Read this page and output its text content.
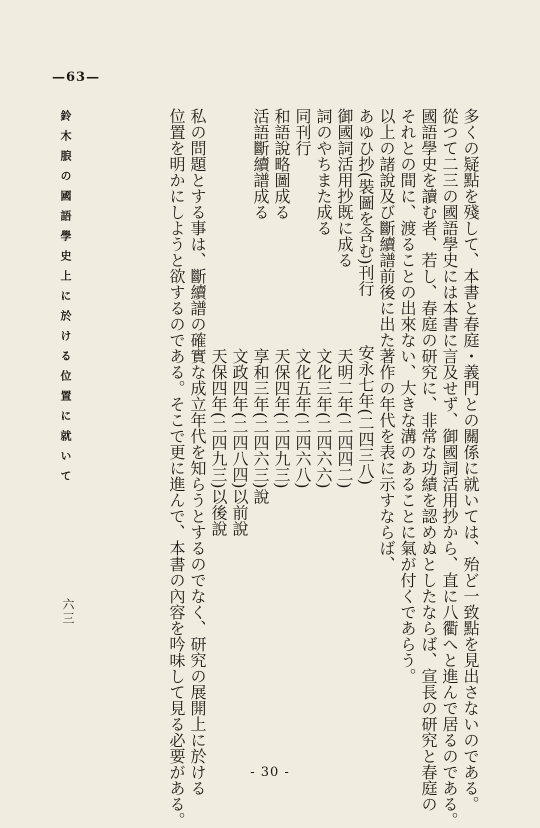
—63—
鈴木朖の國語學史上に於ける位置に就いて	多くの疑點を殘して、本書と春庭・義門との關係に就いては、殆ど一致點を見出さないのである。
從つて二三の國語學史には本書に言及せず、御國詞活用抄から、直に八衢へと進んで居るのである。
國語學史を讀む者、若し、春庭の研究に、非常な功績を認めぬとしたならば、宣長の研究と春庭の
それとの間に、渡ることの出來ない、大きな溝のあることに氣が付くであらう。
以上の諸說及び斷續譜前後に出た著作の年代を表に示すならば、
あゆひ抄(裝圖を含む)刊行　　　安永七年(二四三八)
御國詞活用抄既に成る　　　　　天明二年(二四四二)
詞のやちまた成る　　　　　　　文化三年(二四六六)
同刊行　　　　　　　　　　　　文化五年(二四六八)
和語說略圖成る　　　　　　　　天保四年(二四九三)
活語斷續譜成る　　　　　　　　享和三年(二四六三)說
　　　　　　　　　　　　　　　文政四年(二四八四)以前說
　　　　　　　　　　　　　　　天保四年(二四九三)以後說
私の問題とする事は、斷續譜の確實な成立年代を知らうとするのでなく、研究の展開上に於ける
位置を明かにしようと欲するのである。そこで更に進んで、本書の內容を吟味して見る必要がある。
六三
- 30 -
